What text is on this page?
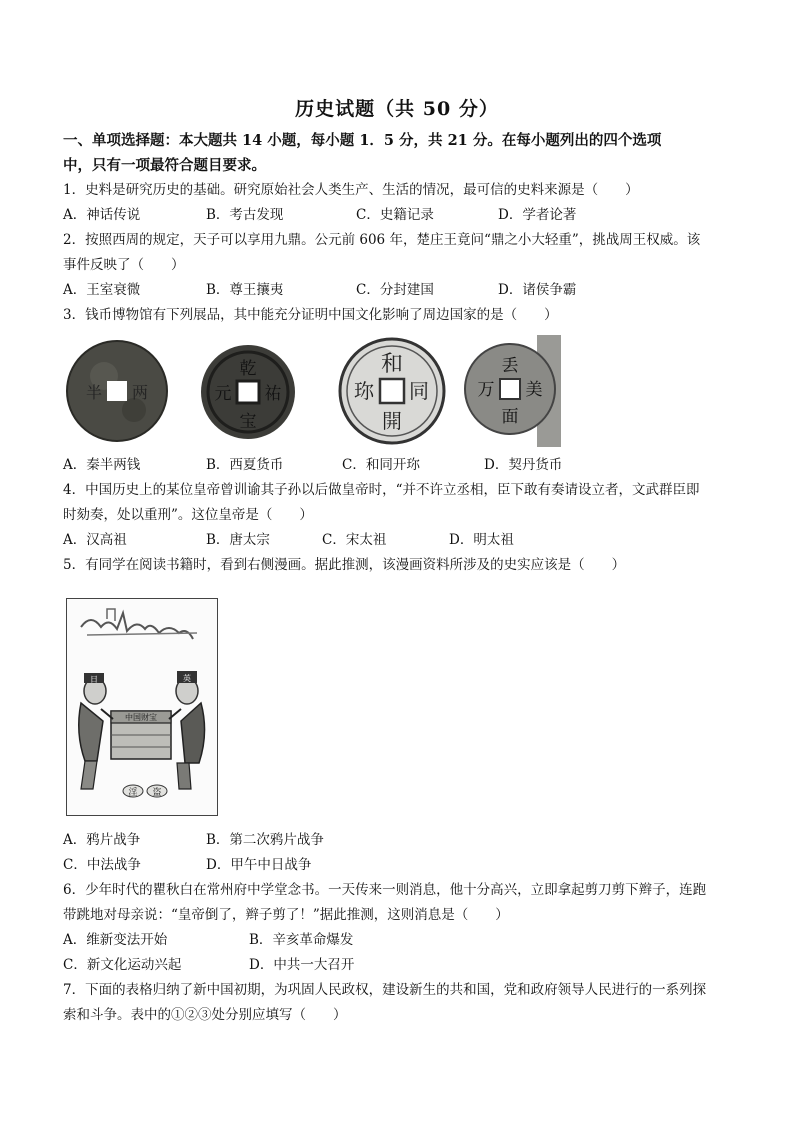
历史试题（共 50 分）
一、单项选择题：本大题共 14 小题，每小题 1．5 分，共 21 分。在每小题列出的四个选项
中，只有一项最符合题目要求。
1．史料是研究历史的基础。研究原始社会人类生产、生活的情况，最可信的史料来源是（　　）
A．神话传说	B．考古发现	C．史籍记录	D．学者论著
2．按照西周的规定，天子可以享用九鼎。公元前 606 年，楚庄王竟问“鼎之小大轻重”，挑战周王权威。该
事件反映了（　　）
A．王室衰微	B．尊王攘夷	C．分封建国	D．诸侯争霸
3．钱币博物馆有下列展品，其中能充分证明中国文化影响了周边国家的是（　　）
半 两
乾
祐
宝
元
和
同
開
珎
丢
美
面
万
A．秦半两钱	B．西夏货币	C．和同开珎	D．契丹货币
4．中国历史上的某位皇帝曾训谕其子孙以后做皇帝时，“并不许立丞相，臣下敢有奏请设立者，文武群臣即
时劾奏，处以重刑”。这位皇帝是（　　）
A．汉高祖	B．唐太宗	C．宋太祖	D．明太祖
5．有同学在阅读书籍时，看到右侧漫画。据此推测，该漫画资料所涉及的史实应该是（　　）
日	英
中国财宝
淫 盗
A．鸦片战争	B．第二次鸦片战争
C．中法战争	D．甲午中日战争
6．少年时代的瞿秋白在常州府中学堂念书。一天传来一则消息，他十分高兴，立即拿起剪刀剪下辫子，连跑
带跳地对母亲说：“皇帝倒了，辫子剪了！”据此推测，这则消息是（　　）
A．维新变法开始	B．辛亥革命爆发
C．新文化运动兴起	D．中共一大召开
7．下面的表格归纳了新中国初期，为巩固人民政权，建设新生的共和国，党和政府领导人民进行的一系列探
索和斗争。表中的①②③处分别应填写（　　）
